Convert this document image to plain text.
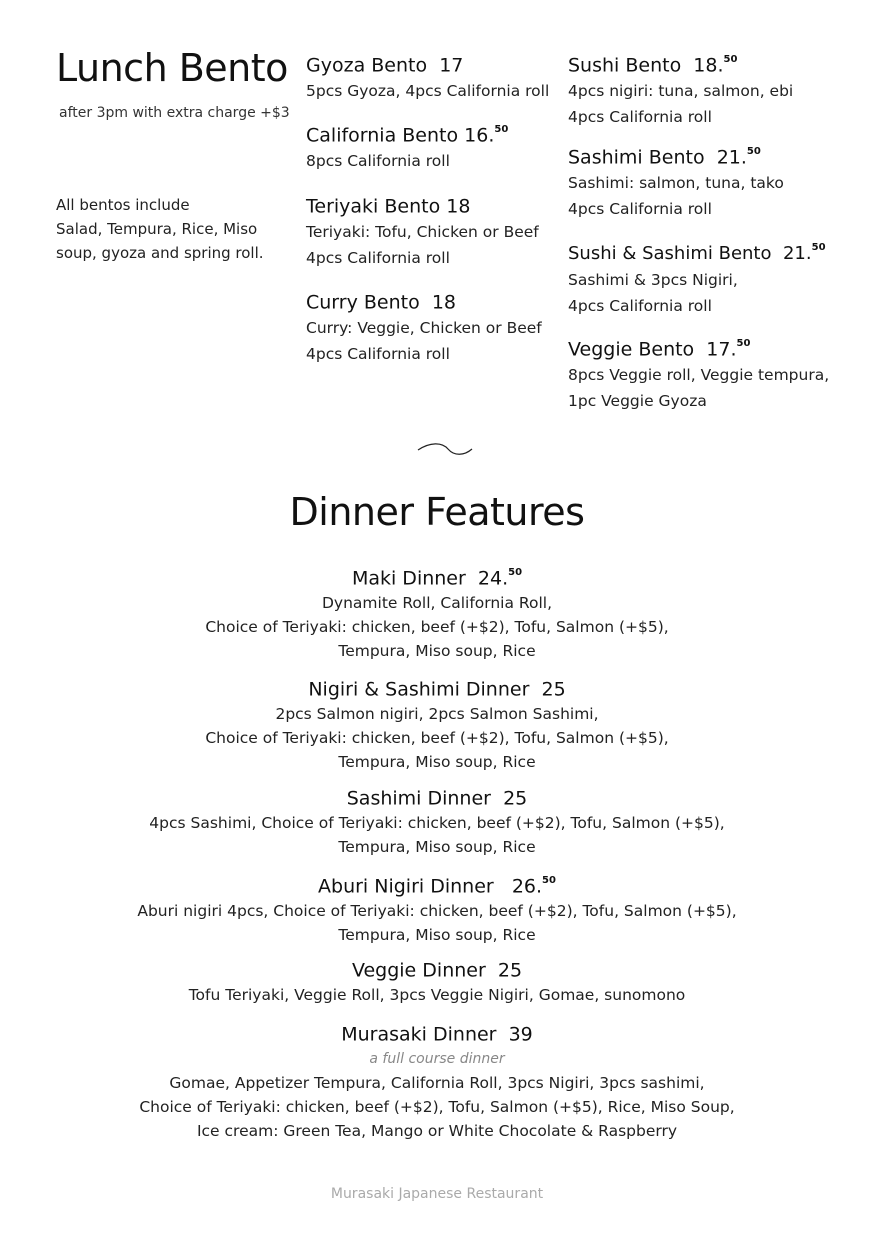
Lunch Bento
after 3pm with extra charge +$3
All bentos include
Salad, Tempura, Rice, Miso
soup, gyoza and spring roll.
Gyoza Bento 17
5pcs Gyoza, 4pcs California roll
California Bento 16.50
8pcs California roll
Teriyaki Bento 18
Teriyaki: Tofu, Chicken or Beef
4pcs California roll
Curry Bento 18
Curry: Veggie, Chicken or Beef
4pcs California roll
Sushi Bento 18.50
4pcs nigiri: tuna, salmon, ebi
4pcs California roll
Sashimi Bento 21.50
Sashimi: salmon, tuna, tako
4pcs California roll
Sushi & Sashimi Bento 21.50
Sashimi & 3pcs Nigiri,
4pcs California roll
Veggie Bento 17.50
8pcs Veggie roll, Veggie tempura,
1pc Veggie Gyoza
Dinner Features
Maki Dinner 24.50
Dynamite Roll, California Roll,
Choice of Teriyaki: chicken, beef (+$2), Tofu, Salmon (+$5),
Tempura, Miso soup, Rice
Nigiri & Sashimi Dinner 25
2pcs Salmon nigiri, 2pcs Salmon Sashimi,
Choice of Teriyaki: chicken, beef (+$2), Tofu, Salmon (+$5),
Tempura, Miso soup, Rice
Sashimi Dinner 25
4pcs Sashimi, Choice of Teriyaki: chicken, beef (+$2), Tofu, Salmon (+$5),
Tempura, Miso soup, Rice
Aburi Nigiri Dinner 26.50
Aburi nigiri 4pcs, Choice of Teriyaki: chicken, beef (+$2), Tofu, Salmon (+$5),
Tempura, Miso soup, Rice
Veggie Dinner 25
Tofu Teriyaki, Veggie Roll, 3pcs Veggie Nigiri, Gomae, sunomono
Murasaki Dinner 39
a full course dinner
Gomae, Appetizer Tempura, California Roll, 3pcs Nigiri, 3pcs sashimi,
Choice of Teriyaki: chicken, beef (+$2), Tofu, Salmon (+$5), Rice, Miso Soup,
Ice cream: Green Tea, Mango or White Chocolate & Raspberry
Murasaki Japanese Restaurant
